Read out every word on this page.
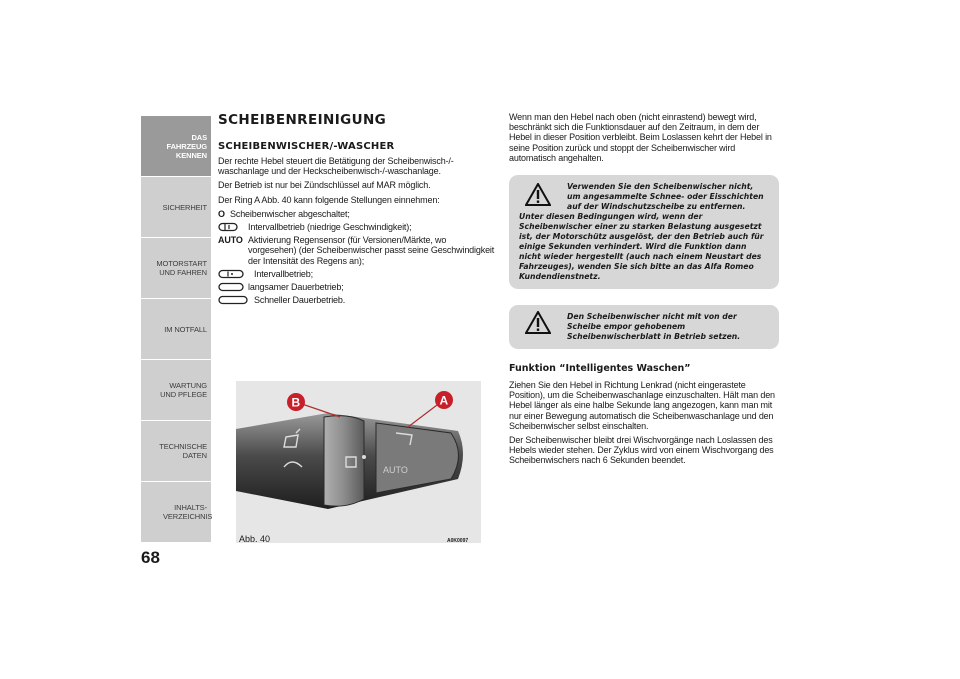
DAS FAHRZEUG KENNEN
SICHERHEIT
MOTORSTART UND FAHREN
IM NOTFALL
WARTUNG UND PFLEGE
TECHNISCHE DATEN
INHALTS-VERZEICHNIS
68
SCHEIBENREINIGUNG
SCHEIBENWISCHER/-WASCHER

Der rechte Hebel steuert die Betätigung der Scheibenwisch-/-waschanlage und der Heckscheibenwisch-/-waschanlage.

Der Betrieb ist nur bei Zündschlüssel auf MAR möglich.

Der Ring A Abb. 40 kann folgende Stellungen einnehmen:

O Scheibenwischer abgeschaltet;
Intervallbetrieb (niedrige Geschwindigkeit);
AUTO Aktivierung Regensensor (für Versionen/Märkte, wo vorgesehen) (der Scheibenwischer passt seine Geschwindigkeit der Intensität des Regens an);
Intervallbetrieb;
langsamer Dauerbetrieb;
Schneller Dauerbetrieb.
AUTO
B	A
Abb. 40	A0K0097

Wenn man den Hebel nach oben (nicht einrastend) bewegt wird, beschränkt sich die Funktionsdauer auf den Zeitraum, in dem der Hebel in dieser Position verbleibt. Beim Loslassen kehrt der Hebel in seine Position zurück und stoppt der Scheibenwischer wird automatisch angehalten.

Verwenden Sie den Scheibenwischer nicht, um angesammelte Schnee- oder Eisschichten auf der Windschutzscheibe zu entfernen.
Unter diesen Bedingungen wird, wenn der Scheibenwischer einer zu starken Belastung ausgesetzt ist, der Motorschütz ausgelöst, der den Betrieb auch für einige Sekunden verhindert. Wird die Funktion dann nicht wieder hergestellt (auch nach einem Neustart des Fahrzeuges), wenden Sie sich bitte an das Alfa Romeo Kundendienstnetz.
Den Scheibenwischer nicht mit von der Scheibe empor gehobenem Scheibenwischerblatt in Betrieb setzen.
Funktion “Intelligentes Waschen”

Ziehen Sie den Hebel in Richtung Lenkrad (nicht eingerastete Position), um die Scheibenwaschanlage einzuschalten. Hält man den Hebel länger als eine halbe Sekunde lang angezogen, kann man mit nur einer Bewegung automatisch die Scheibenwaschanlage und den Scheibenwischer selbst einschalten.

Der Scheibenwischer bleibt drei Wischvorgänge nach Loslassen des Hebels wieder stehen. Der Zyklus wird von einem Wischvorgang des Scheibenwischers nach 6 Sekunden beendet.
